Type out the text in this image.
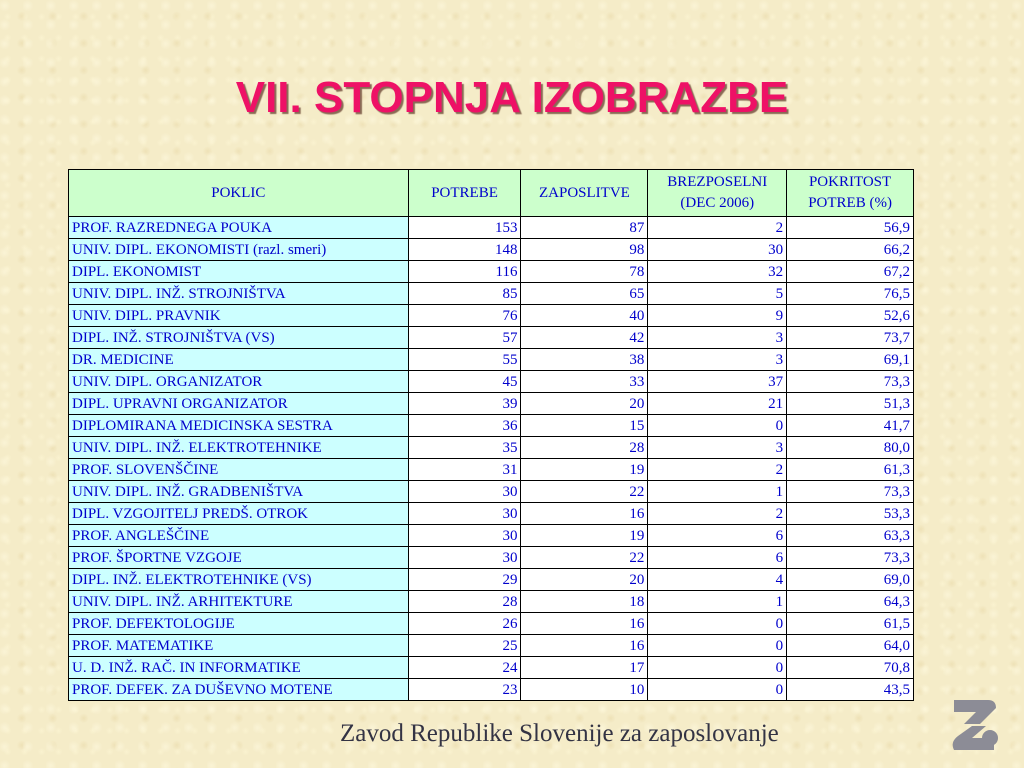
VII. STOPNJA IZOBRAZBE
POKLIC	POTREBE	ZAPOSLITVE	BREZPOSELNI (DEC 2006)	POKRITOST POTREB (%)
PROF. RAZREDNEGA POUKA	153	87	2	56,9
UNIV. DIPL. EKONOMISTI (razl. smeri)	148	98	30	66,2
DIPL. EKONOMIST	116	78	32	67,2
UNIV. DIPL. INŽ. STROJNIŠTVA	85	65	5	76,5
UNIV. DIPL. PRAVNIK	76	40	9	52,6
DIPL. INŽ. STROJNIŠTVA (VS)	57	42	3	73,7
DR. MEDICINE	55	38	3	69,1
UNIV. DIPL. ORGANIZATOR	45	33	37	73,3
DIPL. UPRAVNI ORGANIZATOR	39	20	21	51,3
DIPLOMIRANA MEDICINSKA SESTRA	36	15	0	41,7
UNIV. DIPL. INŽ. ELEKTROTEHNIKE	35	28	3	80,0
PROF. SLOVENŠČINE	31	19	2	61,3
UNIV. DIPL. INŽ. GRADBENIŠTVA	30	22	1	73,3
DIPL. VZGOJITELJ PREDŠ. OTROK	30	16	2	53,3
PROF. ANGLEŠČINE	30	19	6	63,3
PROF. ŠPORTNE VZGOJE	30	22	6	73,3
DIPL. INŽ. ELEKTROTEHNIKE (VS)	29	20	4	69,0
UNIV. DIPL. INŽ. ARHITEKTURE	28	18	1	64,3
PROF. DEFEKTOLOGIJE	26	16	0	61,5
PROF. MATEMATIKE	25	16	0	64,0
U. D. INŽ. RAČ. IN INFORMATIKE	24	17	0	70,8
PROF. DEFEK. ZA DUŠEVNO MOTENE	23	10	0	43,5
Zavod Republike Slovenije za zaposlovanje
